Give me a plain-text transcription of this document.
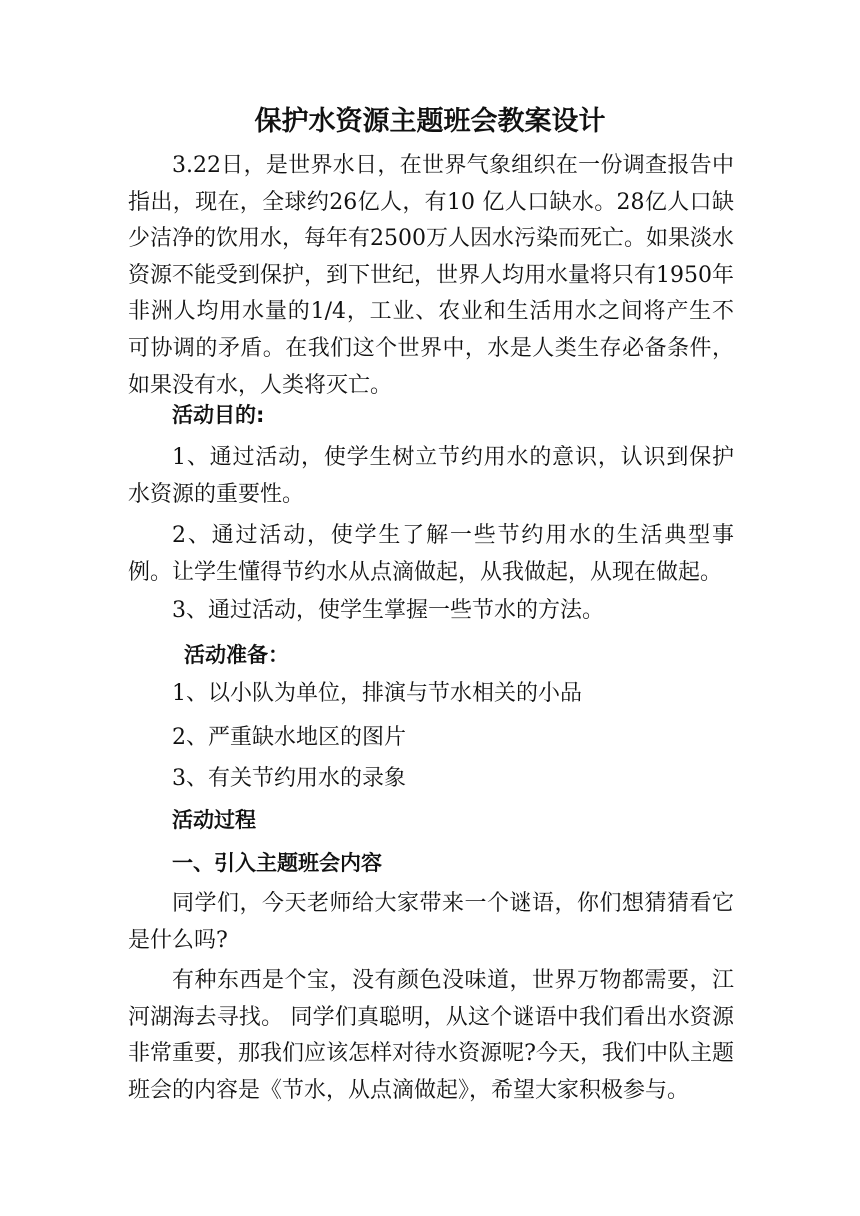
保护水资源主题班会教案设计

3.22日，是世界水日，在世界气象组织在一份调查报告中指出，现在，全球约26亿人，有10 亿人口缺水。28亿人口缺少洁净的饮用水，每年有2500万人因水污染而死亡。如果淡水资源不能受到保护，到下世纪，世界人均用水量将只有1950年非洲人均用水量的1/4，工业、农业和生活用水之间将产生不可协调的矛盾。在我们这个世界中，水是人类生存必备条件，如果没有水，人类将灭亡。

活动目的:

1、通过活动，使学生树立节约用水的意识，认识到保护水资源的重要性。

2、通过活动，使学生了解一些节约用水的生活典型事例。让学生懂得节约水从点滴做起，从我做起，从现在做起。

3、通过活动，使学生掌握一些节水的方法。

活动准备：
1、以小队为单位，排演与节水相关的小品
2、严重缺水地区的图片
3、有关节约用水的录象
活动过程
一、引入主题班会内容

同学们，今天老师给大家带来一个谜语，你们想猜猜看它是什么吗?

有种东西是个宝，没有颜色没味道，世界万物都需要，江河湖海去寻找。 同学们真聪明，从这个谜语中我们看出水资源非常重要，那我们应该怎样对待水资源呢?今天，我们中队主题班会的内容是《节水，从点滴做起》，希望大家积极参与。
